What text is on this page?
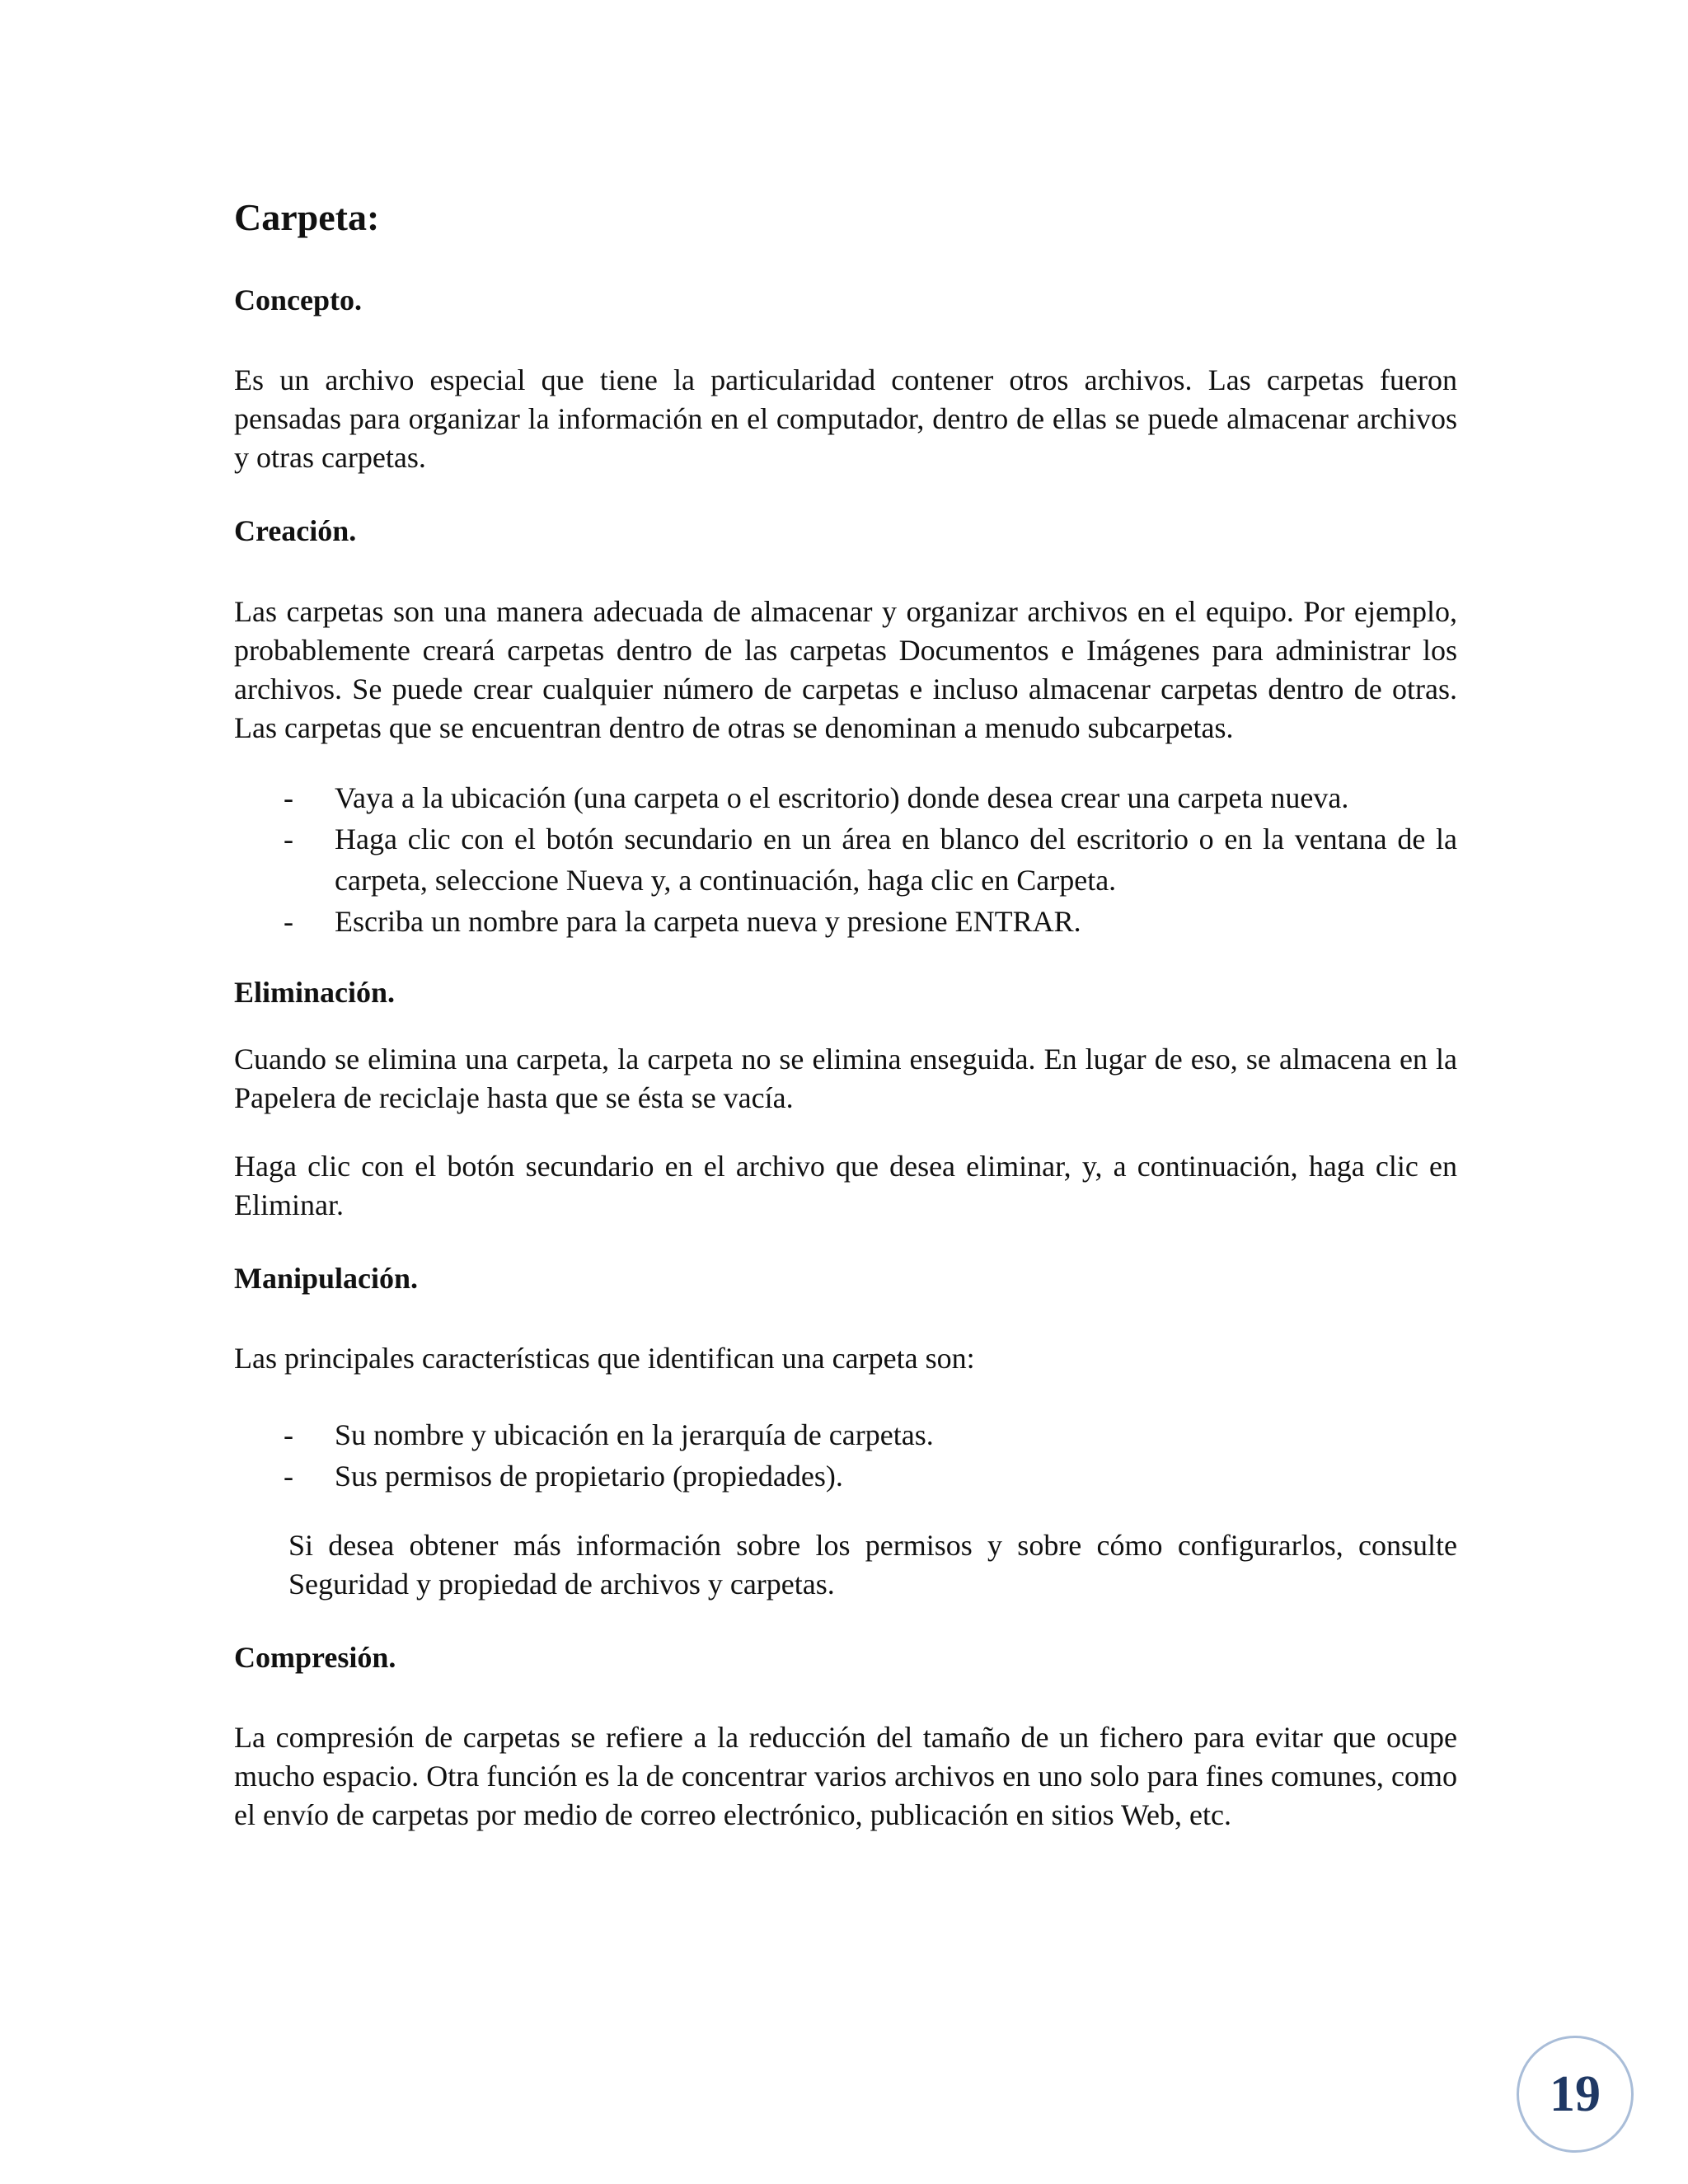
Carpeta:
Concepto.

Es un archivo especial que tiene la particularidad contener otros archivos. Las carpetas fueron pensadas para organizar la información en el computador, dentro de ellas se puede almacenar archivos y otras carpetas.

Creación.

Las carpetas son una manera adecuada de almacenar y organizar archivos en el equipo. Por ejemplo, probablemente creará carpetas dentro de las carpetas Documentos e Imágenes para administrar los archivos. Se puede crear cualquier número de carpetas e incluso almacenar carpetas dentro de otras. Las carpetas que se encuentran dentro de otras se denominan a menudo subcarpetas.

- Vaya a la ubicación (una carpeta o el escritorio) donde desea crear una carpeta nueva.
- Haga clic con el botón secundario en un área en blanco del escritorio o en la ventana de la carpeta, seleccione Nueva y, a continuación, haga clic en Carpeta.
- Escriba un nombre para la carpeta nueva y presione ENTRAR.
Eliminación.

Cuando se elimina una carpeta, la carpeta no se elimina enseguida. En lugar de eso, se almacena en la Papelera de reciclaje hasta que se ésta se vacía.

Haga clic con el botón secundario en el archivo que desea eliminar, y, a continuación, haga clic en Eliminar.

Manipulación.

Las principales características que identifican una carpeta son:

- Su nombre y ubicación en la jerarquía de carpetas.
- Sus permisos de propietario (propiedades).

Si desea obtener más información sobre los permisos y sobre cómo configurarlos, consulte Seguridad y propiedad de archivos y carpetas.

Compresión.

La compresión de carpetas se refiere a la reducción del tamaño de un fichero para evitar que ocupe mucho espacio. Otra función es la de concentrar varios archivos en uno solo para fines comunes, como el envío de carpetas por medio de correo electrónico, publicación en sitios Web, etc.

19
